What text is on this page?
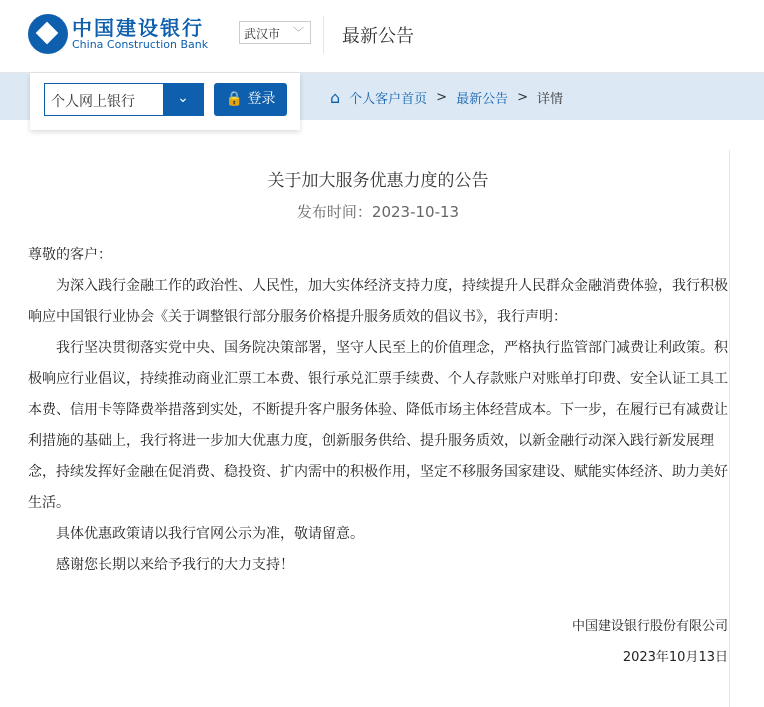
中国建设银行
China Construction Bank
武汉市 ﹀ 最新公告
⌂ 个人客户首页 > 最新公告 > 详情
个人网上银行	⌄	🔒 登录
关于加大服务优惠力度的公告
发布时间：2023-10-13

尊敬的客户：

为深入践行金融工作的政治性、人民性，加大实体经济支持力度，持续提升人民群众金融消费体验，我行积极响应中国银行业协会《关于调整银行部分服务价格提升服务质效的倡议书》，我行声明：

我行坚决贯彻落实党中央、国务院决策部署，坚守人民至上的价值理念，严格执行监管部门减费让利政策。积极响应行业倡议，持续推动商业汇票工本费、银行承兑汇票手续费、个人存款账户对账单打印费、安全认证工具工本费、信用卡等降费举措落到实处，不断提升客户服务体验、降低市场主体经营成本。下一步，在履行已有减费让利措施的基础上，我行将进一步加大优惠力度，创新服务供给、提升服务质效，以新金融行动深入践行新发展理念，持续发挥好金融在促消费、稳投资、扩内需中的积极作用，坚定不移服务国家建设、赋能实体经济、助力美好生活。

具体优惠政策请以我行官网公示为准，敬请留意。

感谢您长期以来给予我行的大力支持！

中国建设银行股份有限公司
2023年10月13日
